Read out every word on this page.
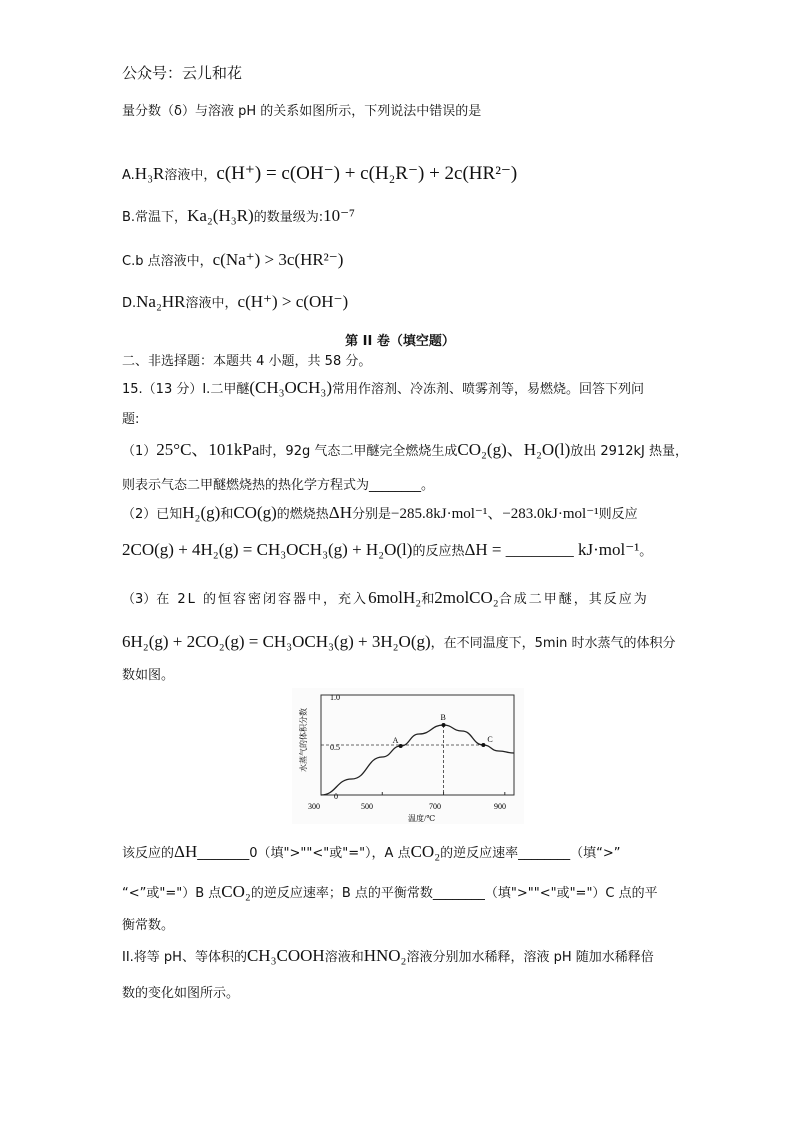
公众号：云儿和花
量分数（δ）与溶液 pH 的关系如图所示，下列说法中错误的是
A.H₃R溶液中，c(H⁺) = c(OH⁻) + c(H₂R⁻) + 2c(HR²⁻)
B.常温下，Ka₂(H₃R)的数量级为:10⁻⁷
C.b 点溶液中，c(Na⁺) > 3c(HR²⁻)
D.Na₂HR溶液中，c(H⁺) > c(OH⁻)
第 II 卷（填空题）
二、非选择题：本题共 4 小题，共 58 分。
15.（13 分）I.二甲醚(CH₃OCH₃)常用作溶剂、冷冻剂、喷雾剂等，易燃烧。回答下列问
题:
（1）25°C、101kPa时，92g 气态二甲醚完全燃烧生成CO₂(g)、H₂O(l)放出 2912kJ 热量，
则表示气态二甲醚燃烧热的热化学方程式为________。
（2）已知H₂(g)和CO(g)的燃烧热ΔH分别是−285.8kJ·mol⁻¹、−283.0kJ·mol⁻¹则反应
2CO(g) + 4H₂(g) = CH₃OCH₃(g) + H₂O(l)的反应热ΔH = ________ kJ·mol⁻¹。
（3）在 2L 的恒容密闭容器中，充入6molH₂和2molCO₂合成二甲醚，其反应为
6H₂(g) + 2CO₂(g) = CH₃OCH₃(g) + 3H₂O(g)，在不同温度下，5min 时水蒸气的体积分
数如图。
A
B
C
1.0
0.5
0
300	500	700	900
温度/℃
水蒸气的体积分数
该反应的ΔH________0（填">""<"或"="），A 点CO₂的逆反应速率________（填“>”
“<”或"="）B 点CO₂的逆反应速率；B 点的平衡常数________（填">""<"或"="）C 点的平
衡常数。
II.将等 pH、等体积的CH₃COOH溶液和HNO₂溶液分别加水稀释，溶液 pH 随加水稀释倍
数的变化如图所示。
